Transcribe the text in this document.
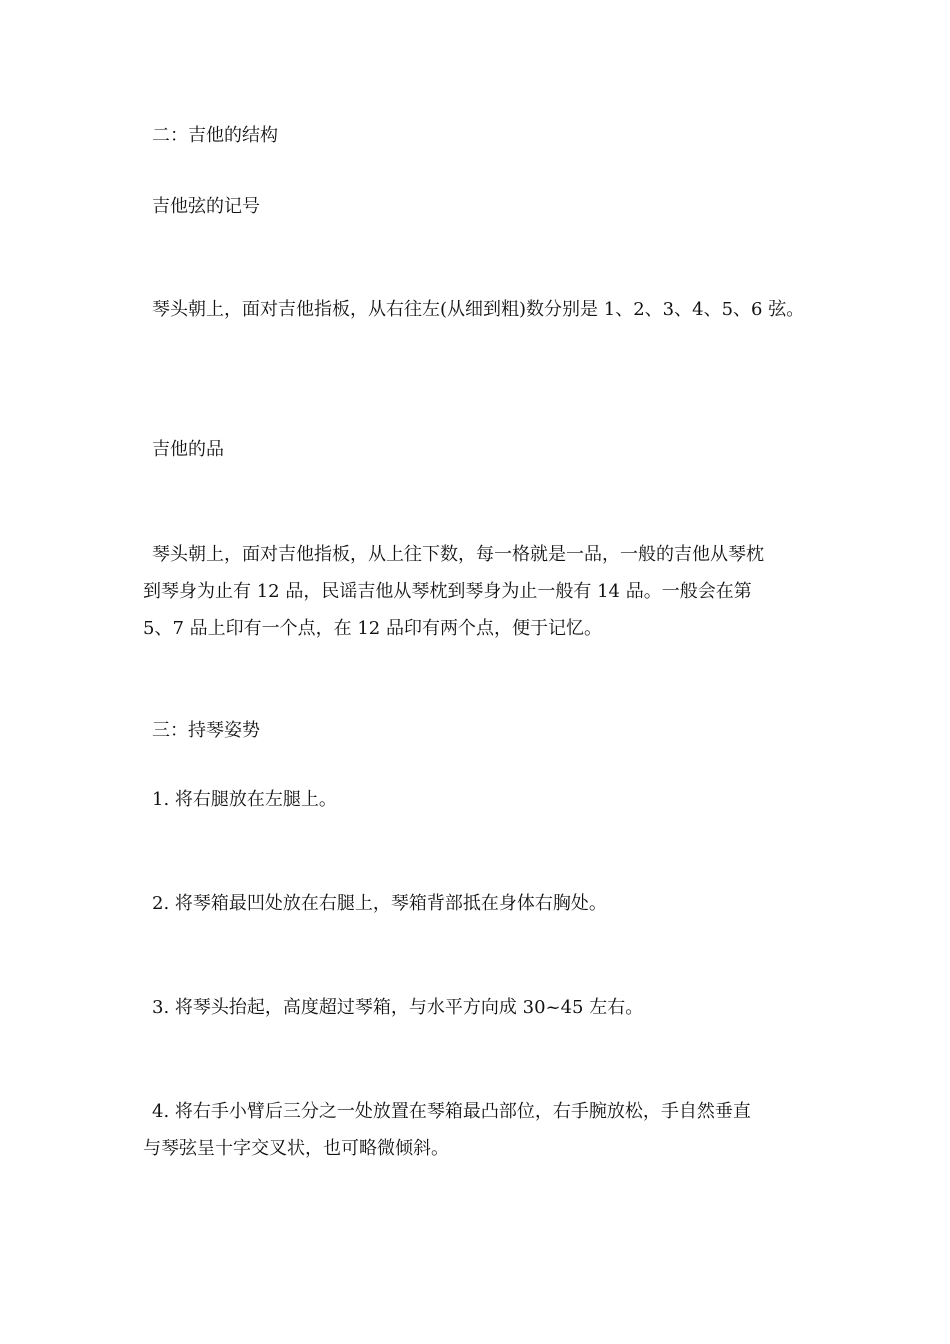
二：吉他的结构

吉他弦的记号

琴头朝上，面对吉他指板，从右往左(从细到粗)数分别是 1、2、3、4、5、6 弦。

吉他的品

琴头朝上，面对吉他指板，从上往下数，每一格就是一品，一般的吉他从琴枕

到琴身为止有 12 品，民谣吉他从琴枕到琴身为止一般有 14 品。一般会在第

5、7 品上印有一个点，在 12 品印有两个点，便于记忆。

三：持琴姿势

1. 将右腿放在左腿上。

2. 将琴箱最凹处放在右腿上，琴箱背部抵在身体右胸处。

3. 将琴头抬起，高度超过琴箱，与水平方向成 30~45 左右。

4. 将右手小臂后三分之一处放置在琴箱最凸部位，右手腕放松，手自然垂直

与琴弦呈十字交叉状，也可略微倾斜。
